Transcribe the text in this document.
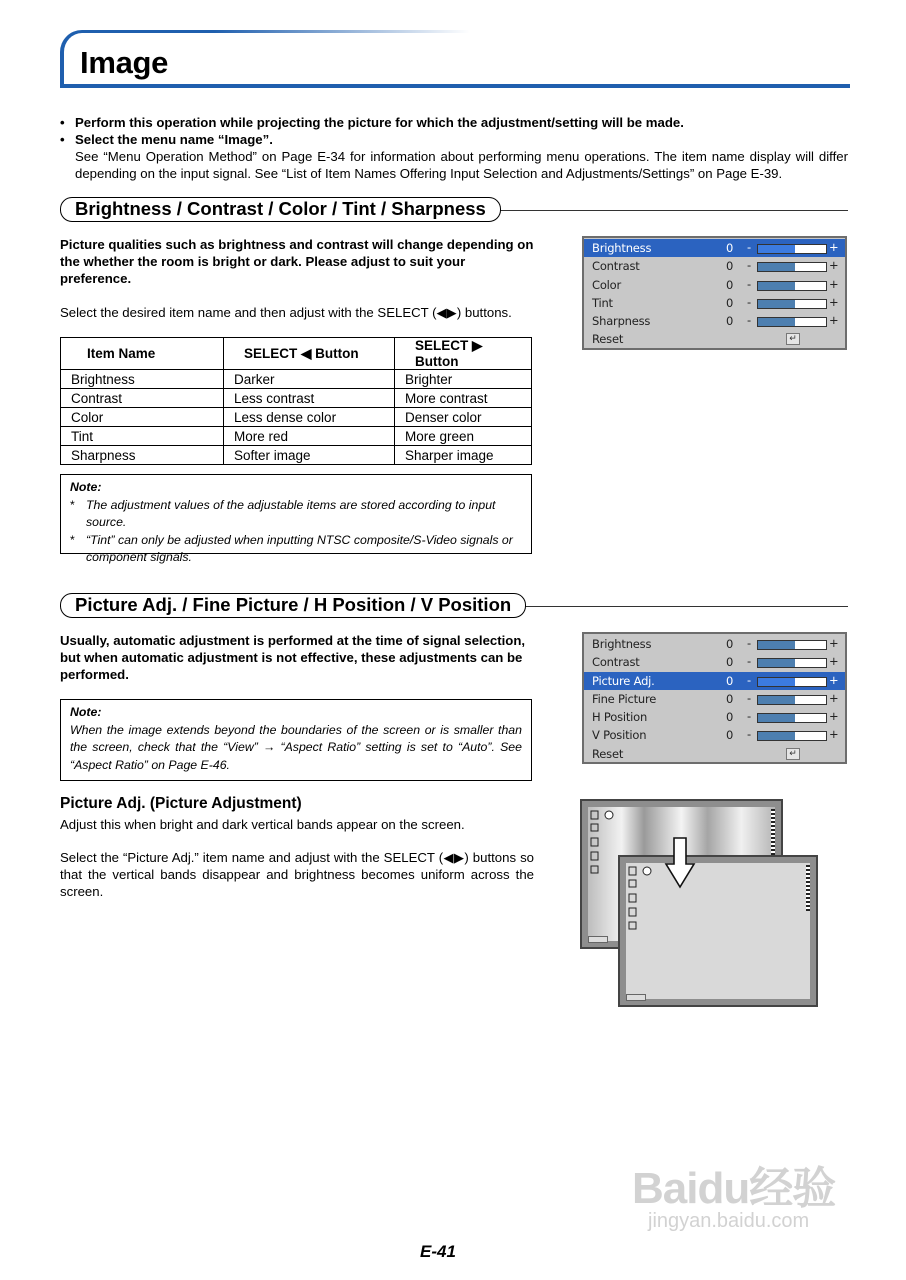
Image
• Perform this operation while projecting the picture for which the adjustment/setting will be made.
• Select the menu name “Image”.
See “Menu Operation Method” on Page E-34 for information about performing menu operations. The item name display will differ depending on the input signal. See “List of Item Names Offering Input Selection and Adjustments/Settings” on Page E-39.
Brightness / Contrast / Color / Tint / Sharpness
Picture qualities such as brightness and contrast will change depending on the whether the room is bright or dark. Please adjust to suit your preference.
Select the desired item name and then adjust with the SELECT (◀▶) buttons.
Item Name	SELECT ◀ Button	SELECT ▶ Button
Brightness	Darker	Brighter
Contrast	Less contrast	More contrast
Color	Less dense color	Denser color
Tint	More red	More green
Sharpness	Softer image	Sharper image
Note:
* The adjustment values of the adjustable items are stored according to input source.
* “Tint” can only be adjusted when inputting NTSC composite/S-Video signals or component signals.
Brightness	0 -	+
Contrast	0 -	+
Color	0 -	+
Tint	0 -	+
Sharpness	0 -	+
Reset	↵
Picture Adj. / Fine Picture / H Position / V Position
Usually, automatic adjustment is performed at the time of signal selection, but when automatic adjustment is not effective, these adjustments can be performed.
Note:
When the image extends beyond the boundaries of the screen or is smaller than the screen, check that the “View” → “Aspect Ratio” setting is set to “Auto”. See “Aspect Ratio” on Page E-46.
Brightness	0 -	+
Contrast	0 -	+
Picture Adj.	0 -	+
Fine Picture	0 -	+
H Position	0 -	+
V Position	0 -	+
Reset	↵
Picture Adj. (Picture Adjustment)
Adjust this when bright and dark vertical bands appear on the screen.
Select the “Picture Adj.” item name and adjust with the SELECT (◀▶) buttons so that the vertical bands disappear and brightness becomes uniform across the screen.
Baidu经验
jingyan.baidu.com
E-41
